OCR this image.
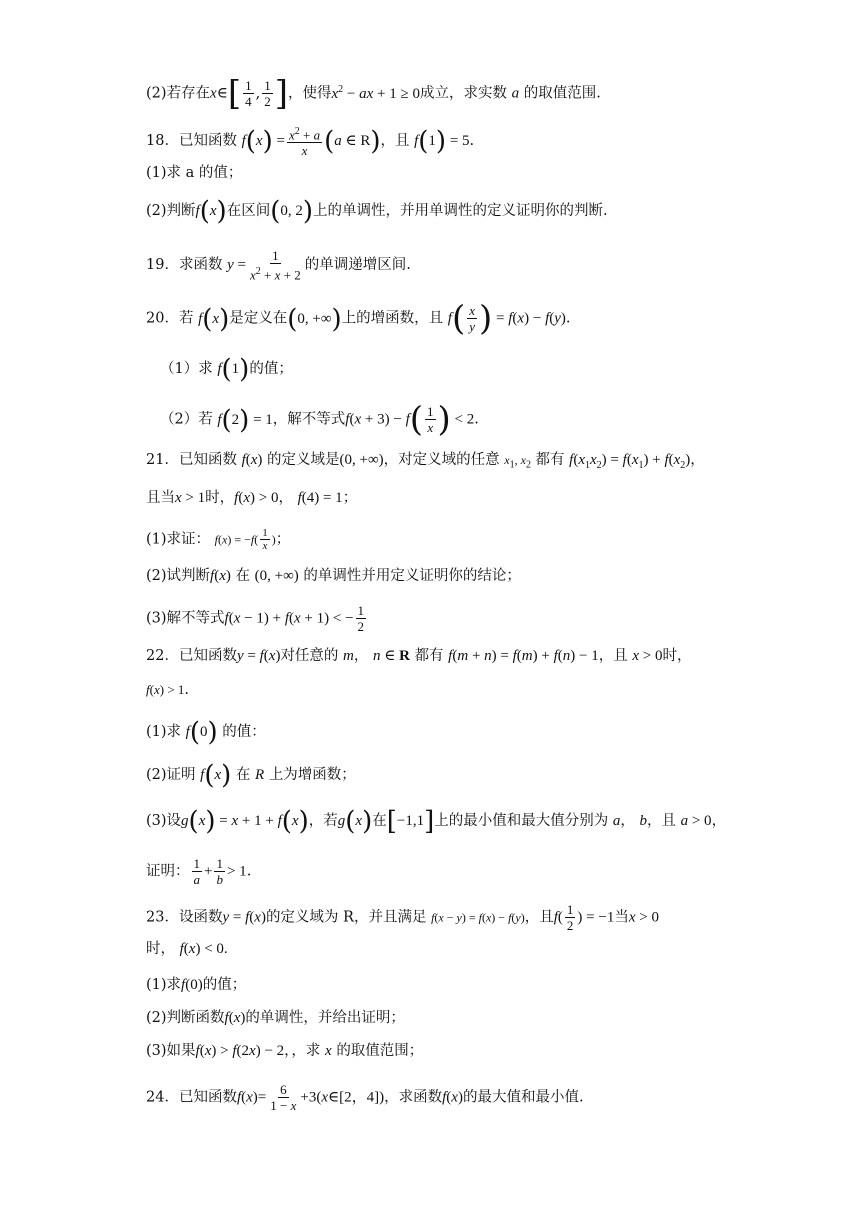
(2)若存在x∈[ $\frac{1}{4}$ , $\frac{1}{2}$ ]，使得$x^2$ − ax + 1 ≥ 0成立，求实数 a 的取值范围.
18．已知函数 $f(x) = \frac{x^2 + a}{x} (a$ ∈ R)，且 f(1) = 5.
(1)求 a 的值；
(2)判断f(x)在区间(0, 2)上的单调性，并用单调性的定义证明你的判断.
19．求函数 $y = \frac{1}{x^2 + x + 2}$ 的单调递增区间.
20．若 f(x)是定义在(0, +∞)上的增函数，且 $f( \frac{x}{y}$ ) = f(x) − f(y).
（1）求 f(1)的值；
（2）若 f(2) = 1，解不等式$f(x + 3) - f( \frac{1}{x}$ ) < 2.
21．已知函数 f(x) 的定义域是(0, +∞)，对定义域的任意 $x_1$, $x_2$ 都有 $f(x_1x_2) = f(x_1) + f(x_2)$，
且当x > 1时，f(x) > 0， f(4) = 1；
(1)求证： $f(x) = -f( \frac{1}{x}$ )；
(2)试判断f(x) 在 (0, +∞) 的单调性并用定义证明你的结论；
(3)解不等式f(x − 1) + f(x + 1) < − $\frac{1}{2}$
22．已知函数y = f(x)对任意的 m， n ∈ R 都有 f(m + n) = f(m) + f(n) − 1，且 x > 0时，
f(x) > 1.
(1)求 f(0) 的值：
(2)证明 f(x) 在 R 上为增函数；
(3)设g(x) = x + 1 + f(x)，若g(x)在[−1,1]上的最小值和最大值分别为 a， b，且 a > 0，
证明： $\frac{1}{a} + \frac{1}{b} > 1$.
23．设函数y = f(x)的定义域为 R，并且满足 f(x − y) = f(x) − f(y)，且$f( \frac{1}{2}$ ) = −1当x > 0
时， f(x) < 0.
(1)求f(0)的值；
(2)判断函数f(x)的单调性，并给出证明；
(3)如果f(x) > f(2x) − 2，，求 x 的取值范围；
24．已知函数$f(x)= \frac{6}{1 - x}$ +3(x∈[2，4])，求函数f(x)的最大值和最小值.
